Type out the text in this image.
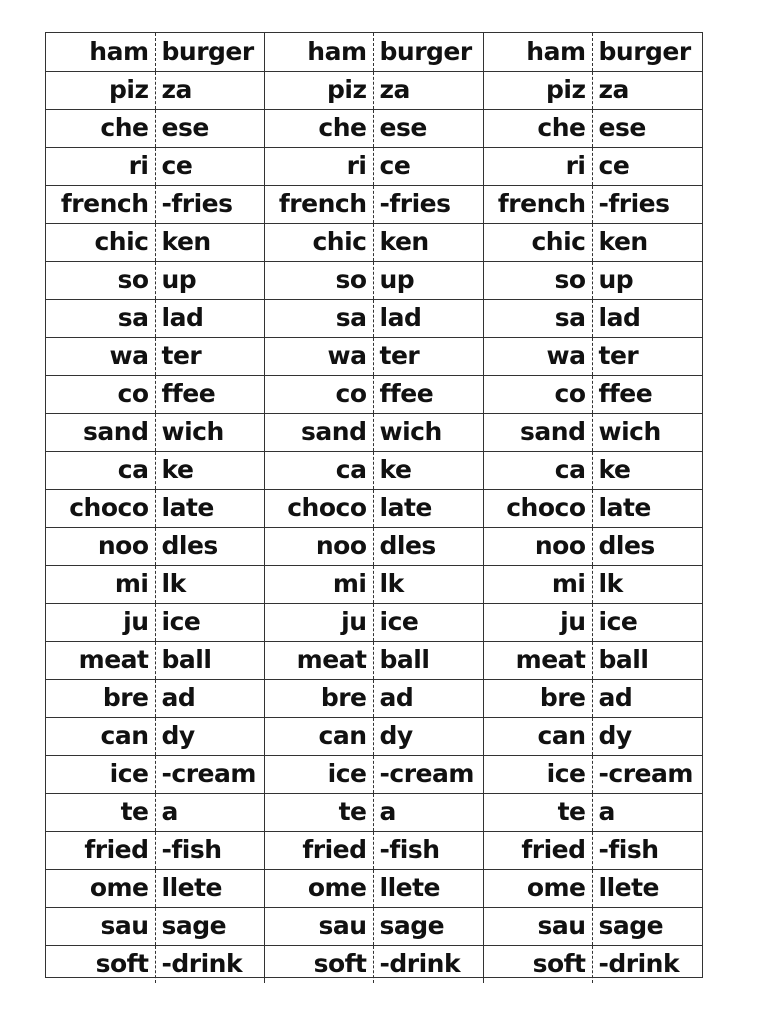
ham	burger	ham	burger	ham	burger
piz	za	piz	za	piz	za
che	ese	che	ese	che	ese
ri	ce	ri	ce	ri	ce
french	-fries	french	-fries	french	-fries
chic	ken	chic	ken	chic	ken
so	up	so	up	so	up
sa	lad	sa	lad	sa	lad
wa	ter	wa	ter	wa	ter
co	ffee	co	ffee	co	ffee
sand	wich	sand	wich	sand	wich
ca	ke	ca	ke	ca	ke
choco	late	choco	late	choco	late
noo	dles	noo	dles	noo	dles
mi	lk	mi	lk	mi	lk
ju	ice	ju	ice	ju	ice
meat	ball	meat	ball	meat	ball
bre	ad	bre	ad	bre	ad
can	dy	can	dy	can	dy
ice	-cream	ice	-cream	ice	-cream
te	a	te	a	te	a
fried	-fish	fried	-fish	fried	-fish
ome	llete	ome	llete	ome	llete
sau	sage	sau	sage	sau	sage
soft	-drink	soft	-drink	soft	-drink
